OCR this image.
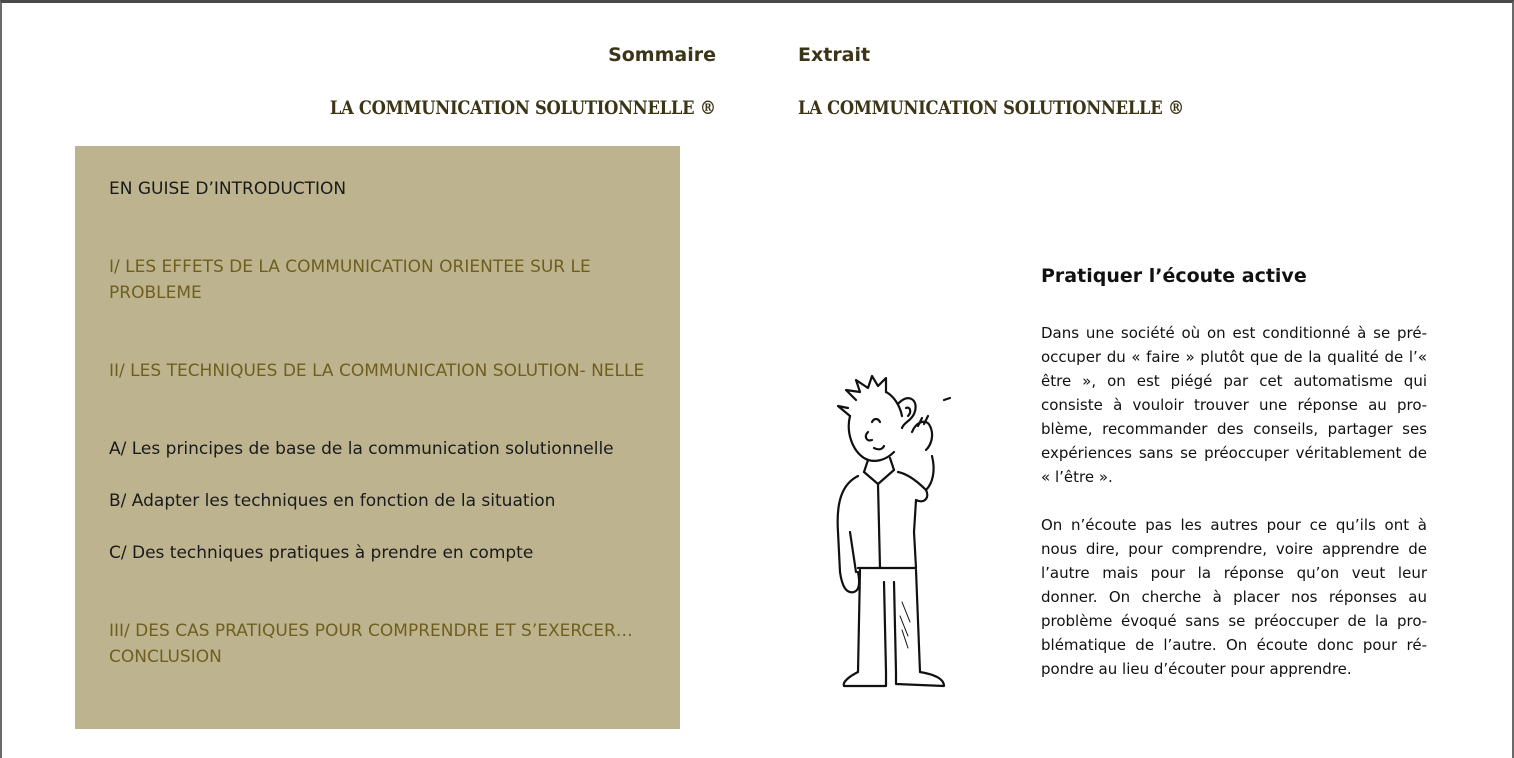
Sommaire
LA COMMUNICATION SOLUTIONNELLE ®
Extrait
LA COMMUNICATION SOLUTIONNELLE ®
EN GUISE D’INTRODUCTION
I/ LES EFFETS DE LA COMMUNICATION ORIENTEE SUR LE PROBLEME
II/ LES TECHNIQUES DE LA COMMUNICATION SOLUTION- NELLE
A/ Les principes de base de la communication solutionnelle
B/ Adapter les techniques en fonction de la situation
C/ Des techniques pratiques à prendre en compte
III/ DES CAS PRATIQUES POUR COMPRENDRE ET S’EXERCER… CONCLUSION
Pratiquer l’écoute active
Dans une société où on est conditionné à se préoccuper du « faire » plutôt que de la qualité de l’« être », on est piégé par cet automatisme qui consiste à vouloir trouver une réponse au problème, recommander des conseils, partager ses expériences sans se préoccuper véritablement de « l’être ».
On n’écoute pas les autres pour ce qu’ils ont à nous dire, pour comprendre, voire apprendre de l’autre mais pour la réponse qu’on veut leur donner. On cherche à placer nos réponses au problème évoqué sans se préoccuper de la problématique de l’autre. On écoute donc pour répondre au lieu d’écouter pour apprendre.
